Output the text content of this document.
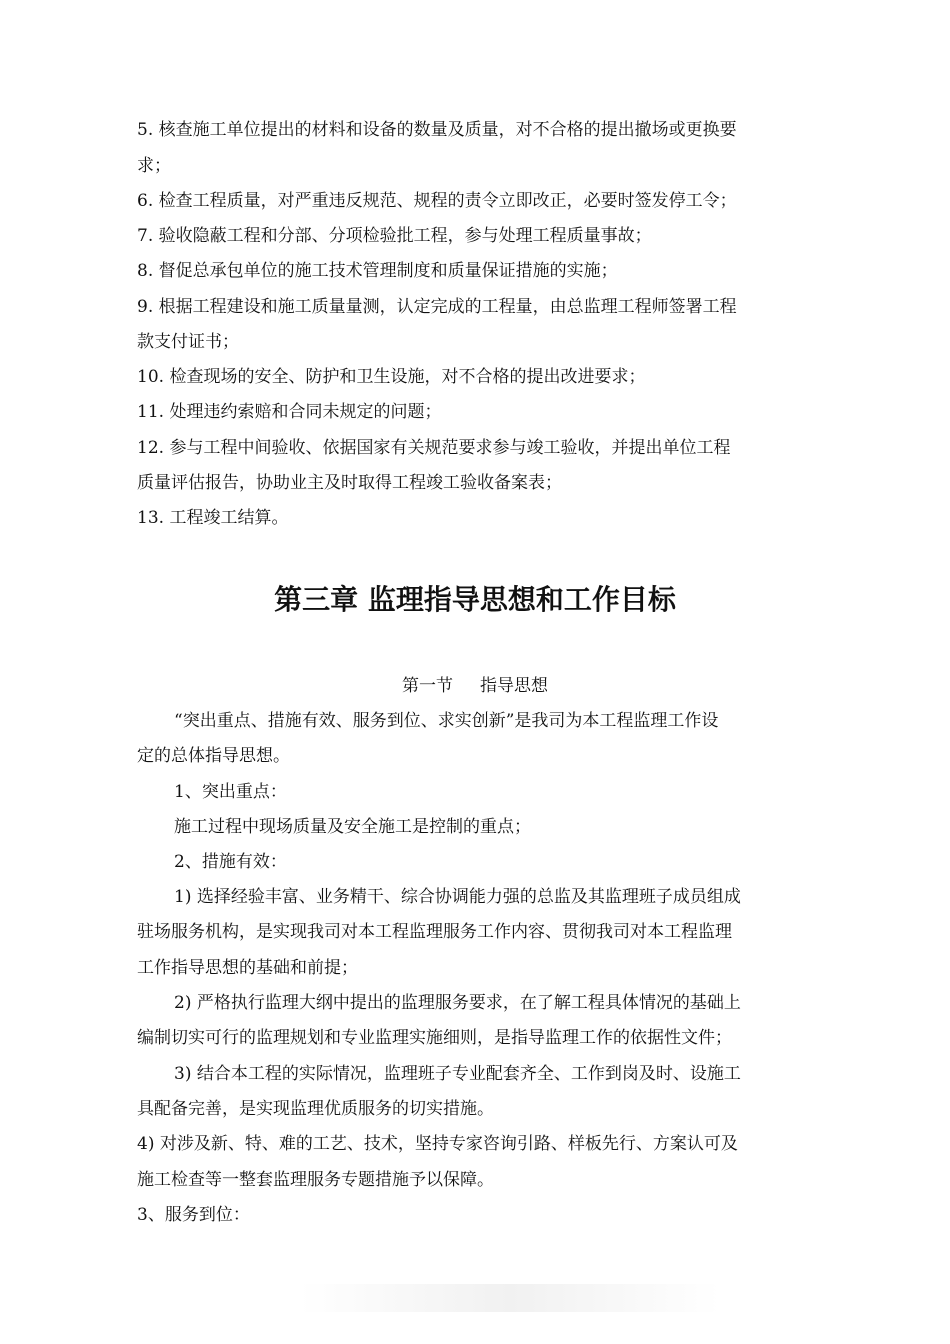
5. 核查施工单位提出的材料和设备的数量及质量，对不合格的提出撤场或更换要
求；
6. 检查工程质量，对严重违反规范、规程的责令立即改正，必要时签发停工令；
7. 验收隐蔽工程和分部、分项检验批工程，参与处理工程质量事故；
8. 督促总承包单位的施工技术管理制度和质量保证措施的实施；
9. 根据工程建设和施工质量量测，认定完成的工程量，由总监理工程师签署工程
款支付证书；
10. 检查现场的安全、防护和卫生设施，对不合格的提出改进要求；
11. 处理违约索赔和合同未规定的问题；
12. 参与工程中间验收、依据国家有关规范要求参与竣工验收，并提出单位工程
质量评估报告，协助业主及时取得工程竣工验收备案表；
13. 工程竣工结算。
第三章 监理指导思想和工作目标
第一节     指导思想
“突出重点、措施有效、服务到位、求实创新”是我司为本工程监理工作设
定的总体指导思想。
1、突出重点：
施工过程中现场质量及安全施工是控制的重点；
2、措施有效：
1) 选择经验丰富、业务精干、综合协调能力强的总监及其监理班子成员组成
驻场服务机构，是实现我司对本工程监理服务工作内容、贯彻我司对本工程监理
工作指导思想的基础和前提；
2) 严格执行监理大纲中提出的监理服务要求，在了解工程具体情况的基础上
编制切实可行的监理规划和专业监理实施细则，是指导监理工作的依据性文件；
3) 结合本工程的实际情况，监理班子专业配套齐全、工作到岗及时、设施工
具配备完善，是实现监理优质服务的切实措施。
4) 对涉及新、特、难的工艺、技术，坚持专家咨询引路、样板先行、方案认可及
施工检查等一整套监理服务专题措施予以保障。
3、服务到位：
